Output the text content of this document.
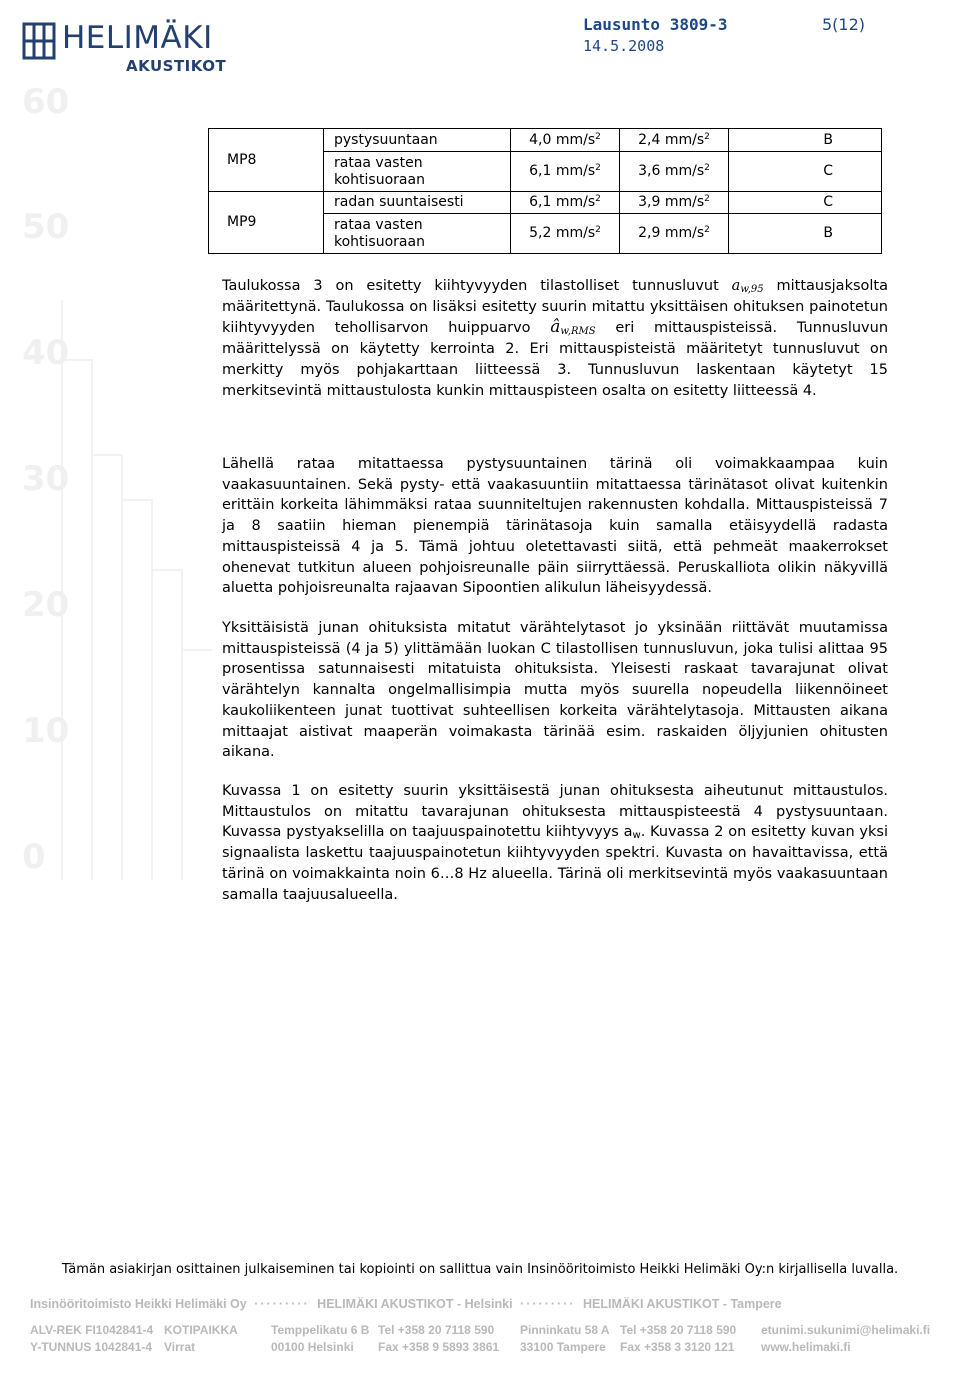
60
50
40
30
20
10
0
HELIMÄKI
AKUSTIKOT
Lausunto 3809-3
14.5.2008
5(12)
MP8	pystysuuntaan	4,0 $mm/s^2$	2,4 $mm/s^2$	B

	rataa vasten
kohtisuoraan	6,1 $mm/s^2$	3,6 $mm/s^2$	C
MP9	radan suuntaisesti	6,1 $mm/s^2$	3,9 $mm/s^2$	C

	rataa vasten
kohtisuoraan	5,2 $mm/s^2$	2,9 $mm/s^2$	B
Taulukossa 3 on esitetty kiihtyvyyden tilastolliset tunnusluvut $a_{w,95}$ mittausjaksolta määritettynä. Taulukossa on lisäksi esitetty suurin mitattu yksittäisen ohituksen painotetun kiihtyvyyden tehollisarvon huippuarvo $â_{w,RMS}$ eri mittauspisteissä. Tunnusluvun määrittelyssä on käytetty kerrointa 2. Eri mittauspisteistä määritetyt tunnusluvut on merkitty myös pohjakarttaan liitteessä 3. Tunnusluvun laskentaan käytetyt 15 merkitsevintä mittaustulosta kunkin mittauspisteen osalta on esitetty liitteessä 4.
Lähellä rataa mitattaessa pystysuuntainen tärinä oli voimakkaampaa kuin vaakasuuntainen. Sekä pysty- että vaakasuuntiin mitattaessa tärinätasot olivat kuitenkin erittäin korkeita lähimmäksi rataa suunniteltujen rakennusten kohdalla. Mittauspisteissä 7 ja 8 saatiin hieman pienempiä tärinätasoja kuin samalla etäisyydellä radasta mittauspisteissä 4 ja 5. Tämä johtuu oletettavasti siitä, että pehmeät maakerrokset ohenevat tutkitun alueen pohjoisreunalle päin siirryttäessä. Peruskalliota olikin näkyvillä aluetta pohjoisreunalta rajaavan Sipoontien alikulun läheisyydessä.
Yksittäisistä junan ohituksista mitatut värähtelytasot jo yksinään riittävät muutamissa mittauspisteissä (4 ja 5) ylittämään luokan C tilastollisen tunnusluvun, joka tulisi alittaa 95 prosentissa satunnaisesti mitatuista ohituksista. Yleisesti raskaat tavarajunat olivat värähtelyn kannalta ongelmallisimpia mutta myös suurella nopeudella liikennöineet kaukoliikenteen junat tuottivat suhteellisen korkeita värähtelytasoja. Mittausten aikana mittaajat aistivat maaperän voimakasta tärinää esim. raskaiden öljyjunien ohitusten aikana.
Kuvassa 1 on esitetty suurin yksittäisestä junan ohituksesta aiheutunut mittaustulos. Mittaustulos on mitattu tavarajunan ohituksesta mittauspisteestä 4 pystysuuntaan. Kuvassa pystyakselilla on taajuuspainotettu kiihtyvyys $a_w$. Kuvassa 2 on esitetty kuvan yksi signaalista laskettu taajuuspainotetun kiihtyvyyden spektri. Kuvasta on havaittavissa, että tärinä on voimakkainta noin 6…8 Hz alueella. Tärinä oli merkitsevintä myös vaakasuuntaan samalla taajuusalueella.
Tämän asiakirjan osittainen julkaiseminen tai kopiointi on sallittua vain Insinööritoimisto Heikki Helimäki Oy:n kirjallisella luvalla.
Insinööritoimisto Heikki Helimäki Oy ········· HELIMÄKI AKUSTIKOT - Helsinki ········· HELIMÄKI AKUSTIKOT - Tampere
ALV-REK FI1042841-4
Y-TUNNUS 1042841-4
KOTIPAIKKA
Virrat
Temppelikatu 6 B
00100 Helsinki
Tel +358 20 7118 590
Fax +358 9 5893 3861
Pinninkatu 58 A
33100 Tampere
Tel +358 20 7118 590
Fax +358 3 3120 121
etunimi.sukunimi@helimaki.fi
www.helimaki.fi
